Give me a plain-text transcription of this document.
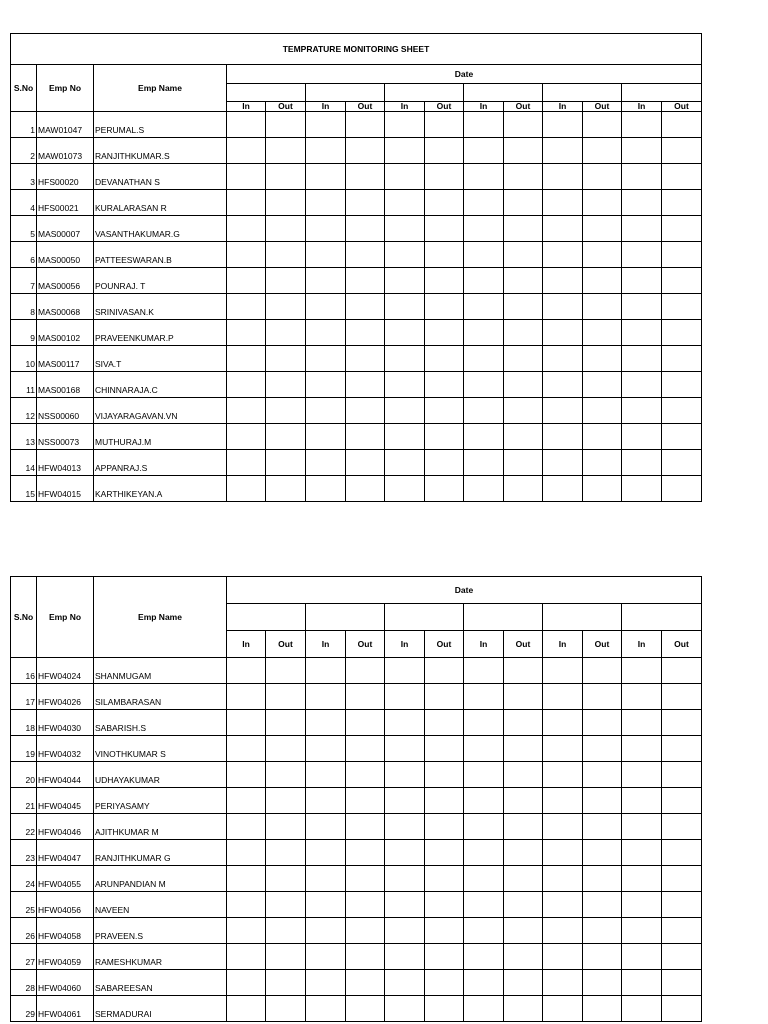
TEMPRATURE MONITORING SHEET														
S.No	Emp No	Emp Name	Date											

			In	Out	In	Out	In	Out	In	Out	In	Out	In	Out
1	MAW01047	PERUMAL.S												
2	MAW01073	RANJITHKUMAR.S												
3	HFS00020	DEVANATHAN S												
4	HFS00021	KURALARASAN R												
5	MAS00007	VASANTHAKUMAR.G												
6	MAS00050	PATTEESWARAN.B												
7	MAS00056	POUNRAJ. T												
8	MAS00068	SRINIVASAN.K												
9	MAS00102	PRAVEENKUMAR.P												
10	MAS00117	SIVA.T												
11	MAS00168	CHINNARAJA.C												
12	NSS00060	VIJAYARAGAVAN.VN												
13	NSS00073	MUTHURAJ.M												
14	HFW04013	APPANRAJ.S												
15	HFW04015	KARTHIKEYAN.A												
S.No	Emp No	Emp Name	Date											

			In	Out	In	Out	In	Out	In	Out	In	Out	In	Out
16	HFW04024	SHANMUGAM												
17	HFW04026	SILAMBARASAN												
18	HFW04030	SABARISH.S												
19	HFW04032	VINOTHKUMAR S												
20	HFW04044	UDHAYAKUMAR												
21	HFW04045	PERIYASAMY												
22	HFW04046	AJITHKUMAR M												
23	HFW04047	RANJITHKUMAR G												
24	HFW04055	ARUNPANDIAN M												
25	HFW04056	NAVEEN												
26	HFW04058	PRAVEEN.S												
27	HFW04059	RAMESHKUMAR												
28	HFW04060	SABAREESAN												
29	HFW04061	SERMADURAI												
